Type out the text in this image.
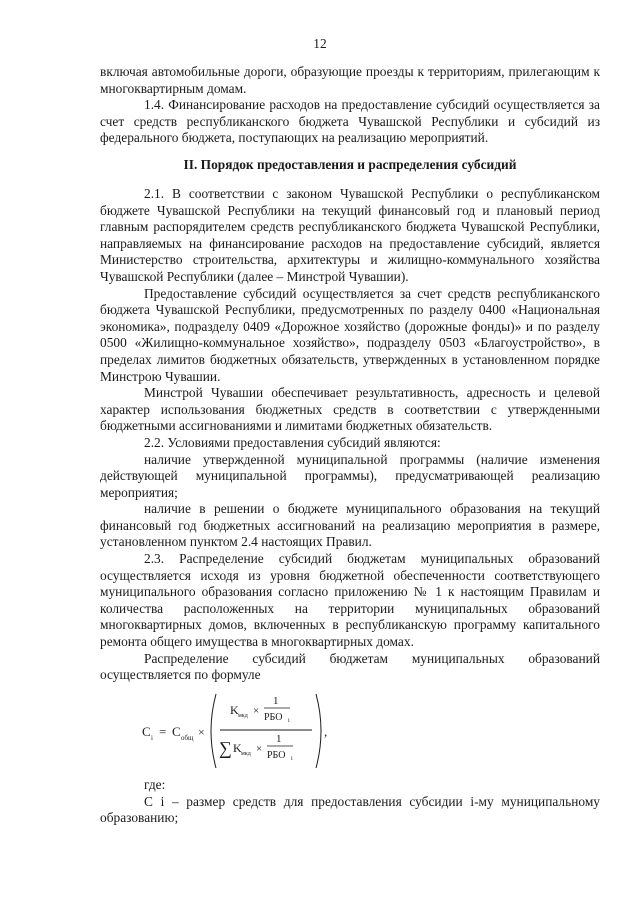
12

включая автомобильные дороги, образующие проезды к территориям, прилегающим к многоквартирным домам.

1.4. Финансирование расходов на предоставление субсидий осуществляется за счет средств республиканского бюджета Чувашской Республики и субсидий из федерального бюджета, поступающих на реализацию мероприятий.

II. Порядок предоставления и распределения субсидий

2.1. В соответствии с законом Чувашской Республики о республиканском бюджете Чувашской Республики на текущий финансовый год и плановый период главным распорядителем средств республиканского бюджета Чувашской Республики, направляемых на финансирование расходов на предоставление субсидий, является Министерство строительства, архитектуры и жилищно-коммунального хозяйства Чувашской Республики (далее – Минстрой Чувашии).

Предоставление субсидий осуществляется за счет средств республиканского бюджета Чувашской Республики, предусмотренных по разделу 0400 «Национальная экономика», подразделу 0409 «Дорожное хозяйство (дорожные фонды)» и по разделу 0500 «Жилищно-коммунальное хозяйство», подразделу 0503 «Благоустройство», в пределах лимитов бюджетных обязательств, утвержденных в установленном порядке Минстрою Чувашии.

Минстрой Чувашии обеспечивает результативность, адресность и целевой характер использования бюджетных средств в соответствии с утвержденными бюджетными ассигнованиями и лимитами бюджетных обязательств.

2.2. Условиями предоставления субсидий являются:

наличие утвержденной муниципальной программы (наличие изменения действующей муниципальной программы), предусматривающей реализацию мероприятия;

наличие в решении о бюджете муниципального образования на текущий финансовый год бюджетных ассигнований на реализацию мероприятия в размере, установленном пунктом 2.4 настоящих Правил.

2.3. Распределение субсидий бюджетам муниципальных образований осуществляется исходя из уровня бюджетной обеспеченности соответствующего муниципального образования согласно приложению № 1 к настоящим Правилам и количества расположенных на территории муниципальных образований многоквартирных домов, включенных в республиканскую программу капитального ремонта общего имущества в многоквартирных домах.

Распределение субсидий бюджетам муниципальных образований осуществляется по формуле

C i = C общ ×
K мкд ×
1
РБО i
∑ K мкд ×
1
РБО i
,

где:

C i – размер средств для предоставления субсидии i-му муниципальному образованию;
